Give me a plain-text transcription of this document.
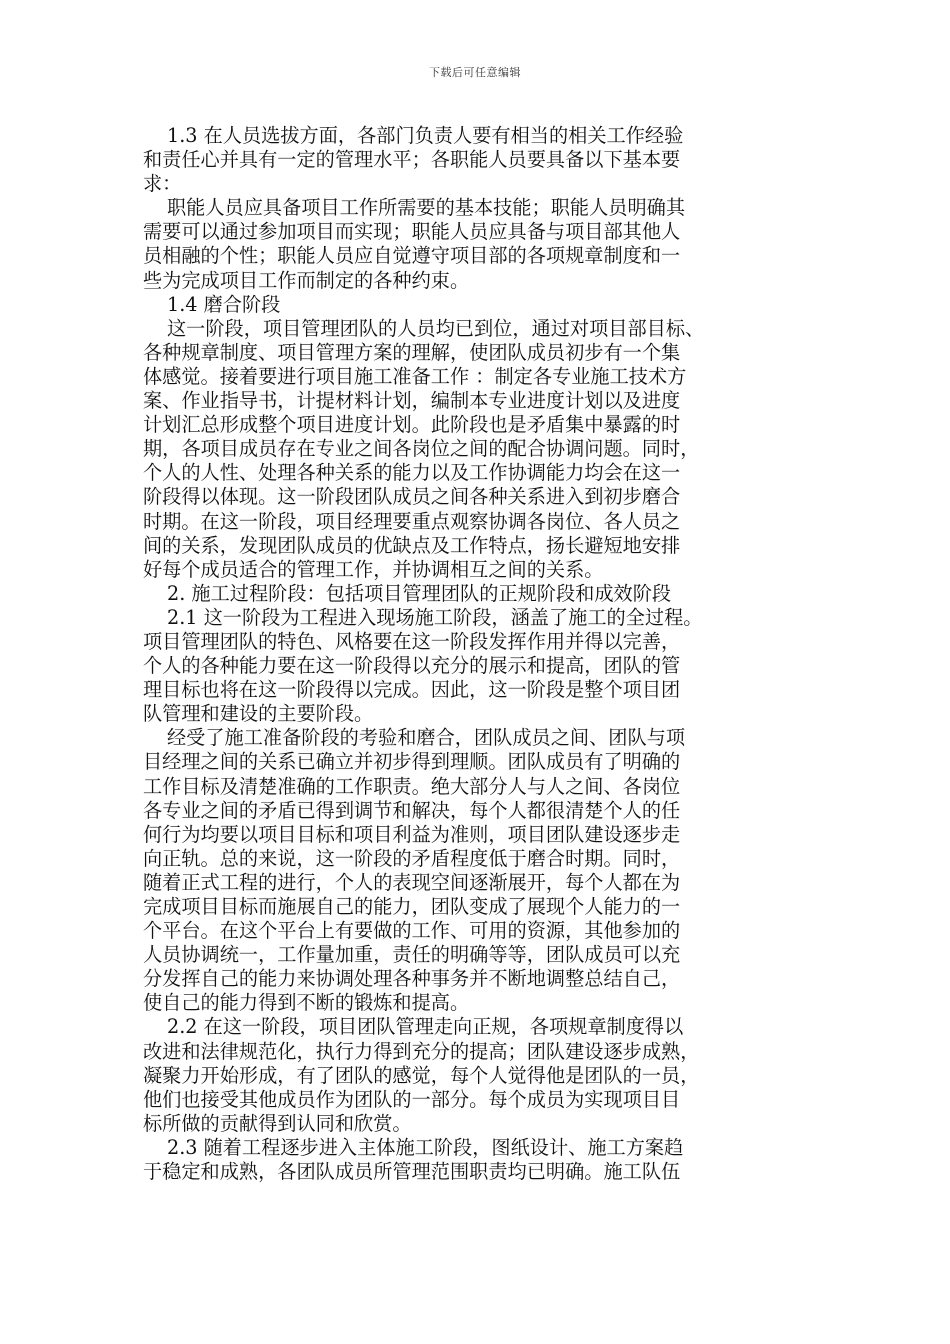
下载后可任意编辑
1.3 在人员选拔方面，各部门负责人要有相当的相关工作经验
和责任心并具有一定的管理水平；各职能人员要具备以下基本要
求：
职能人员应具备项目工作所需要的基本技能；职能人员明确其
需要可以通过参加项目而实现；职能人员应具备与项目部其他人
员相融的个性；职能人员应自觉遵守项目部的各项规章制度和一
些为完成项目工作而制定的各种约束。
1.4 磨合阶段
这一阶段，项目管理团队的人员均已到位，通过对项目部目标、
各种规章制度、项目管理方案的理解，使团队成员初步有一个集
体感觉。接着要进行项目施工准备工作 ：制定各专业施工技术方
案、作业指导书，计提材料计划，编制本专业进度计划以及进度
计划汇总形成整个项目进度计划。此阶段也是矛盾集中暴露的时
期，各项目成员存在专业之间各岗位之间的配合协调问题。同时，
个人的人性、处理各种关系的能力以及工作协调能力均会在这一
阶段得以体现。这一阶段团队成员之间各种关系进入到初步磨合
时期。在这一阶段，项目经理要重点观察协调各岗位、各人员之
间的关系，发现团队成员的优缺点及工作特点，扬长避短地安排
好每个成员适合的管理工作，并协调相互之间的关系。
2. 施工过程阶段：包括项目管理团队的正规阶段和成效阶段
2.1 这一阶段为工程进入现场施工阶段，涵盖了施工的全过程。
项目管理团队的特色、风格要在这一阶段发挥作用并得以完善，
个人的各种能力要在这一阶段得以充分的展示和提高，团队的管
理目标也将在这一阶段得以完成。因此，这一阶段是整个项目团
队管理和建设的主要阶段。
经受了施工准备阶段的考验和磨合，团队成员之间、团队与项
目经理之间的关系已确立并初步得到理顺。团队成员有了明确的
工作目标及清楚准确的工作职责。绝大部分人与人之间、各岗位
各专业之间的矛盾已得到调节和解决，每个人都很清楚个人的任
何行为均要以项目目标和项目利益为准则，项目团队建设逐步走
向正轨。总的来说，这一阶段的矛盾程度低于磨合时期。同时，
随着正式工程的进行，个人的表现空间逐渐展开，每个人都在为
完成项目目标而施展自己的能力，团队变成了展现个人能力的一
个平台。在这个平台上有要做的工作、可用的资源，其他参加的
人员协调统一，工作量加重，责任的明确等等，团队成员可以充
分发挥自己的能力来协调处理各种事务并不断地调整总结自己，
使自己的能力得到不断的锻炼和提高。
2.2 在这一阶段，项目团队管理走向正规，各项规章制度得以
改进和法律规范化，执行力得到充分的提高；团队建设逐步成熟，
凝聚力开始形成，有了团队的感觉，每个人觉得他是团队的一员，
他们也接受其他成员作为团队的一部分。每个成员为实现项目目
标所做的贡献得到认同和欣赏。
2.3 随着工程逐步进入主体施工阶段，图纸设计、施工方案趋
于稳定和成熟，各团队成员所管理范围职责均已明确。施工队伍
